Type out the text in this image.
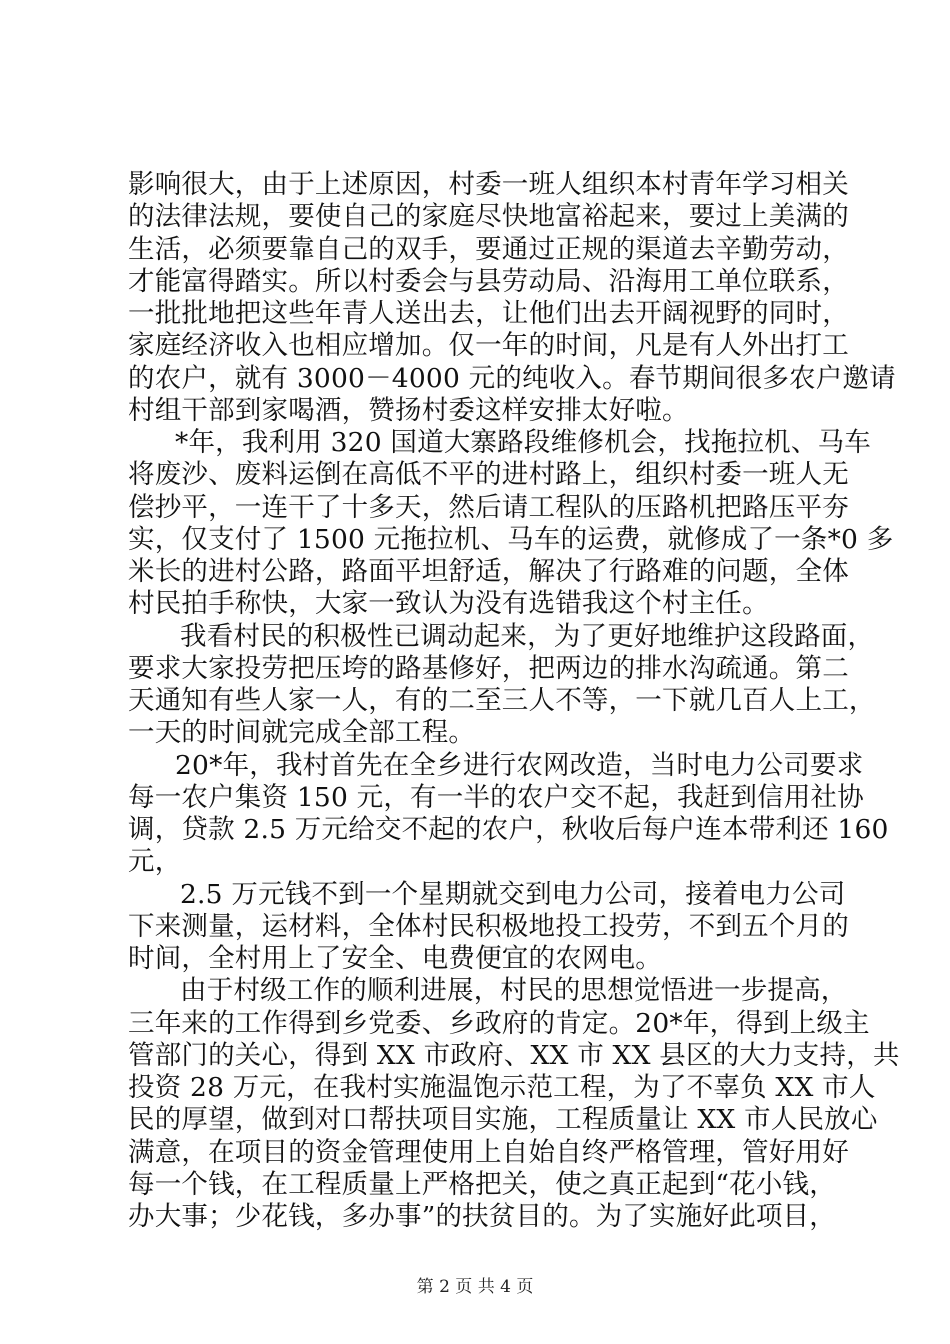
影响很大，由于上述原因，村委一班人组织本村青年学习相关
的法律法规，要使自己的家庭尽快地富裕起来，要过上美满的
生活，必须要靠自己的双手，要通过正规的渠道去辛勤劳动，
才能富得踏实。所以村委会与县劳动局、沿海用工单位联系，
一批批地把这些年青人送出去，让他们出去开阔视野的同时，
家庭经济收入也相应增加。仅一年的时间，凡是有人外出打工
的农户，就有 3000－4000 元的纯收入。春节期间很多农户邀请
村组干部到家喝酒，赞扬村委这样安排太好啦。
*年，我利用 320 国道大寨路段维修机会，找拖拉机、马车
将废沙、废料运倒在高低不平的进村路上，组织村委一班人无
偿抄平，一连干了十多天，然后请工程队的压路机把路压平夯
实，仅支付了 1500 元拖拉机、马车的运费，就修成了一条*0 多
米长的进村公路，路面平坦舒适，解决了行路难的问题，全体
村民拍手称快，大家一致认为没有选错我这个村主任。
我看村民的积极性已调动起来，为了更好地维护这段路面，
要求大家投劳把压垮的路基修好，把两边的排水沟疏通。第二
天通知有些人家一人，有的二至三人不等，一下就几百人上工，
一天的时间就完成全部工程。
20*年，我村首先在全乡进行农网改造，当时电力公司要求
每一农户集资 150 元，有一半的农户交不起，我赶到信用社协
调，贷款 2.5 万元给交不起的农户，秋收后每户连本带利还 160
元，
2.5 万元钱不到一个星期就交到电力公司，接着电力公司
下来测量，运材料，全体村民积极地投工投劳，不到五个月的
时间，全村用上了安全、电费便宜的农网电。
由于村级工作的顺利进展，村民的思想觉悟进一步提高，
三年来的工作得到乡党委、乡政府的肯定。20*年，得到上级主
管部门的关心，得到 XX 市政府、XX 市 XX 县区的大力支持，共
投资 28 万元，在我村实施温饱示范工程，为了不辜负 XX 市人
民的厚望，做到对口帮扶项目实施，工程质量让 XX 市人民放心
满意，在项目的资金管理使用上自始自终严格管理，管好用好
第 2 页 共 4 页
每一个钱，在工程质量上严格把关，使之真正起到“花小钱，
办大事；少花钱，多办事”的扶贫目的。为了实施好此项目，
